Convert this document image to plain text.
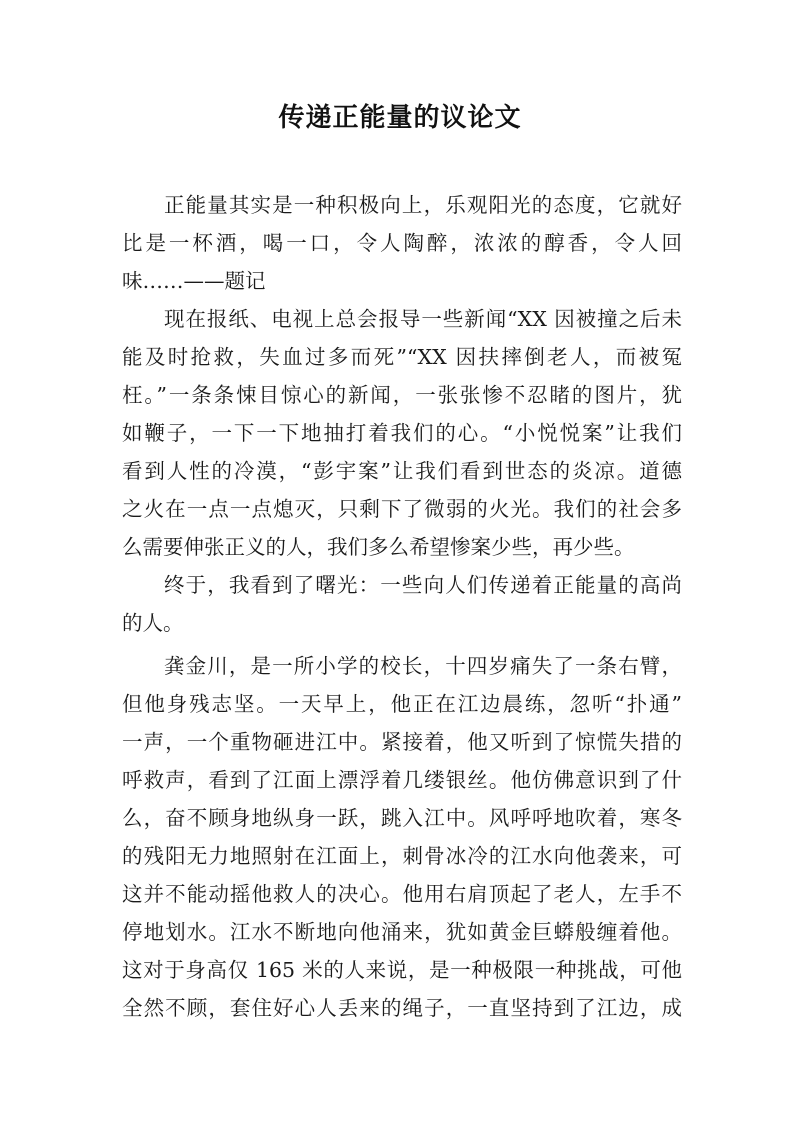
传递正能量的议论文
正能量其实是一种积极向上，乐观阳光的态度，它就好
比是一杯酒，喝一口，令人陶醉，浓浓的醇香，令人回
味……——题记
现在报纸、电视上总会报导一些新闻“XX 因被撞之后未
能及时抢救，失血过多而死”“XX 因扶摔倒老人，而被冤
枉。”一条条悚目惊心的新闻，一张张惨不忍睹的图片，犹
如鞭子，一下一下地抽打着我们的心。“小悦悦案”让我们
看到人性的冷漠，“彭宇案”让我们看到世态的炎凉。道德
之火在一点一点熄灭，只剩下了微弱的火光。我们的社会多
么需要伸张正义的人，我们多么希望惨案少些，再少些。
终于，我看到了曙光：一些向人们传递着正能量的高尚
的人。
龚金川，是一所小学的校长，十四岁痛失了一条右臂，
但他身残志坚。一天早上，他正在江边晨练，忽听“扑通”
一声，一个重物砸进江中。紧接着，他又听到了惊慌失措的
呼救声，看到了江面上漂浮着几缕银丝。他仿佛意识到了什
么，奋不顾身地纵身一跃，跳入江中。风呼呼地吹着，寒冬
的残阳无力地照射在江面上，刺骨冰冷的江水向他袭来，可
这并不能动摇他救人的决心。他用右肩顶起了老人，左手不
停地划水。江水不断地向他涌来，犹如黄金巨蟒般缠着他。
这对于身高仅 165 米的人来说，是一种极限一种挑战，可他
全然不顾，套住好心人丢来的绳子，一直坚持到了江边，成
